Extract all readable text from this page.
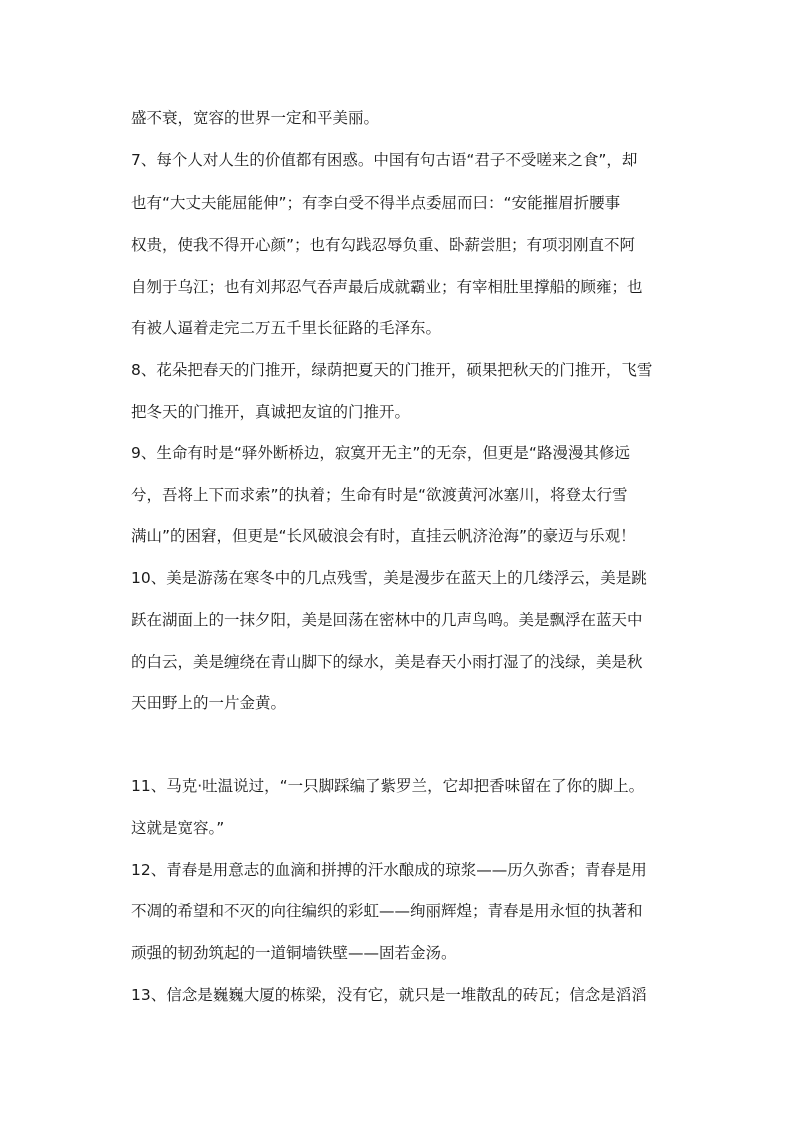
盛不衰，宽容的世界一定和平美丽。
7、每个人对人生的价值都有困惑。中国有句古语“君子不受嗟来之食”，却
也有“大丈夫能屈能伸”；有李白受不得半点委屈而曰：“安能摧眉折腰事
权贵，使我不得开心颜”；也有勾践忍辱负重、卧薪尝胆；有项羽刚直不阿
自刎于乌江；也有刘邦忍气吞声最后成就霸业；有宰相肚里撑船的顾雍；也
有被人逼着走完二万五千里长征路的毛泽东。
8、花朵把春天的门推开，绿荫把夏天的门推开，硕果把秋天的门推开，飞雪
把冬天的门推开，真诚把友谊的门推开。
9、生命有时是“驿外断桥边，寂寞开无主”的无奈，但更是“路漫漫其修远
兮，吾将上下而求索”的执着；生命有时是“欲渡黄河冰塞川，将登太行雪
满山”的困窘，但更是“长风破浪会有时，直挂云帆济沧海”的豪迈与乐观！
10、美是游荡在寒冬中的几点残雪，美是漫步在蓝天上的几缕浮云，美是跳
跃在湖面上的一抹夕阳，美是回荡在密林中的几声鸟鸣。美是飘浮在蓝天中
的白云，美是缠绕在青山脚下的绿水，美是春天小雨打湿了的浅绿，美是秋
天田野上的一片金黄。
11、马克·吐温说过，“一只脚踩编了紫罗兰，它却把香味留在了你的脚上。
这就是宽容。”
12、青春是用意志的血滴和拼搏的汗水酿成的琼浆——历久弥香；青春是用
不凋的希望和不灭的向往编织的彩虹——绚丽辉煌；青春是用永恒的执著和
顽强的韧劲筑起的一道铜墙铁壁——固若金汤。
13、信念是巍巍大厦的栋梁，没有它，就只是一堆散乱的砖瓦；信念是滔滔
